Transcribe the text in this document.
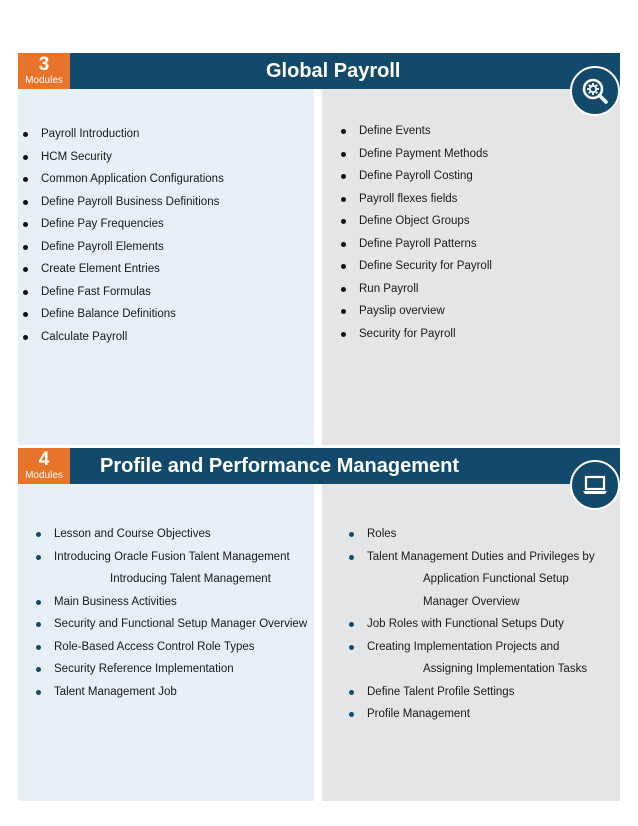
3
Modules	Global Payroll
Payroll Introduction
HCM Security
Common Application Configurations
Define Payroll Business Definitions
Define Pay Frequencies
Define Payroll Elements
Create Element Entries
Define Fast Formulas
Define Balance Definitions
Calculate Payroll
Define Events
Define Payment Methods
Define Payroll Costing
Payroll flexes fields
Define Object Groups
Define Payroll Patterns
Define Security for Payroll
Run Payroll
Payslip overview
Security for Payroll
4
Modules	Profile and Performance Management
Lesson and Course Objectives
Introducing Oracle Fusion Talent Management
Introducing Talent Management
Main Business Activities
Security and Functional Setup Manager Overview
Role-Based Access Control Role Types
Security Reference Implementation
Talent Management Job
Roles
Talent Management Duties and Privileges by
Application Functional Setup
Manager Overview
Job Roles with Functional Setups Duty
Creating Implementation Projects and
Assigning Implementation Tasks
Define Talent Profile Settings
Profile Management
